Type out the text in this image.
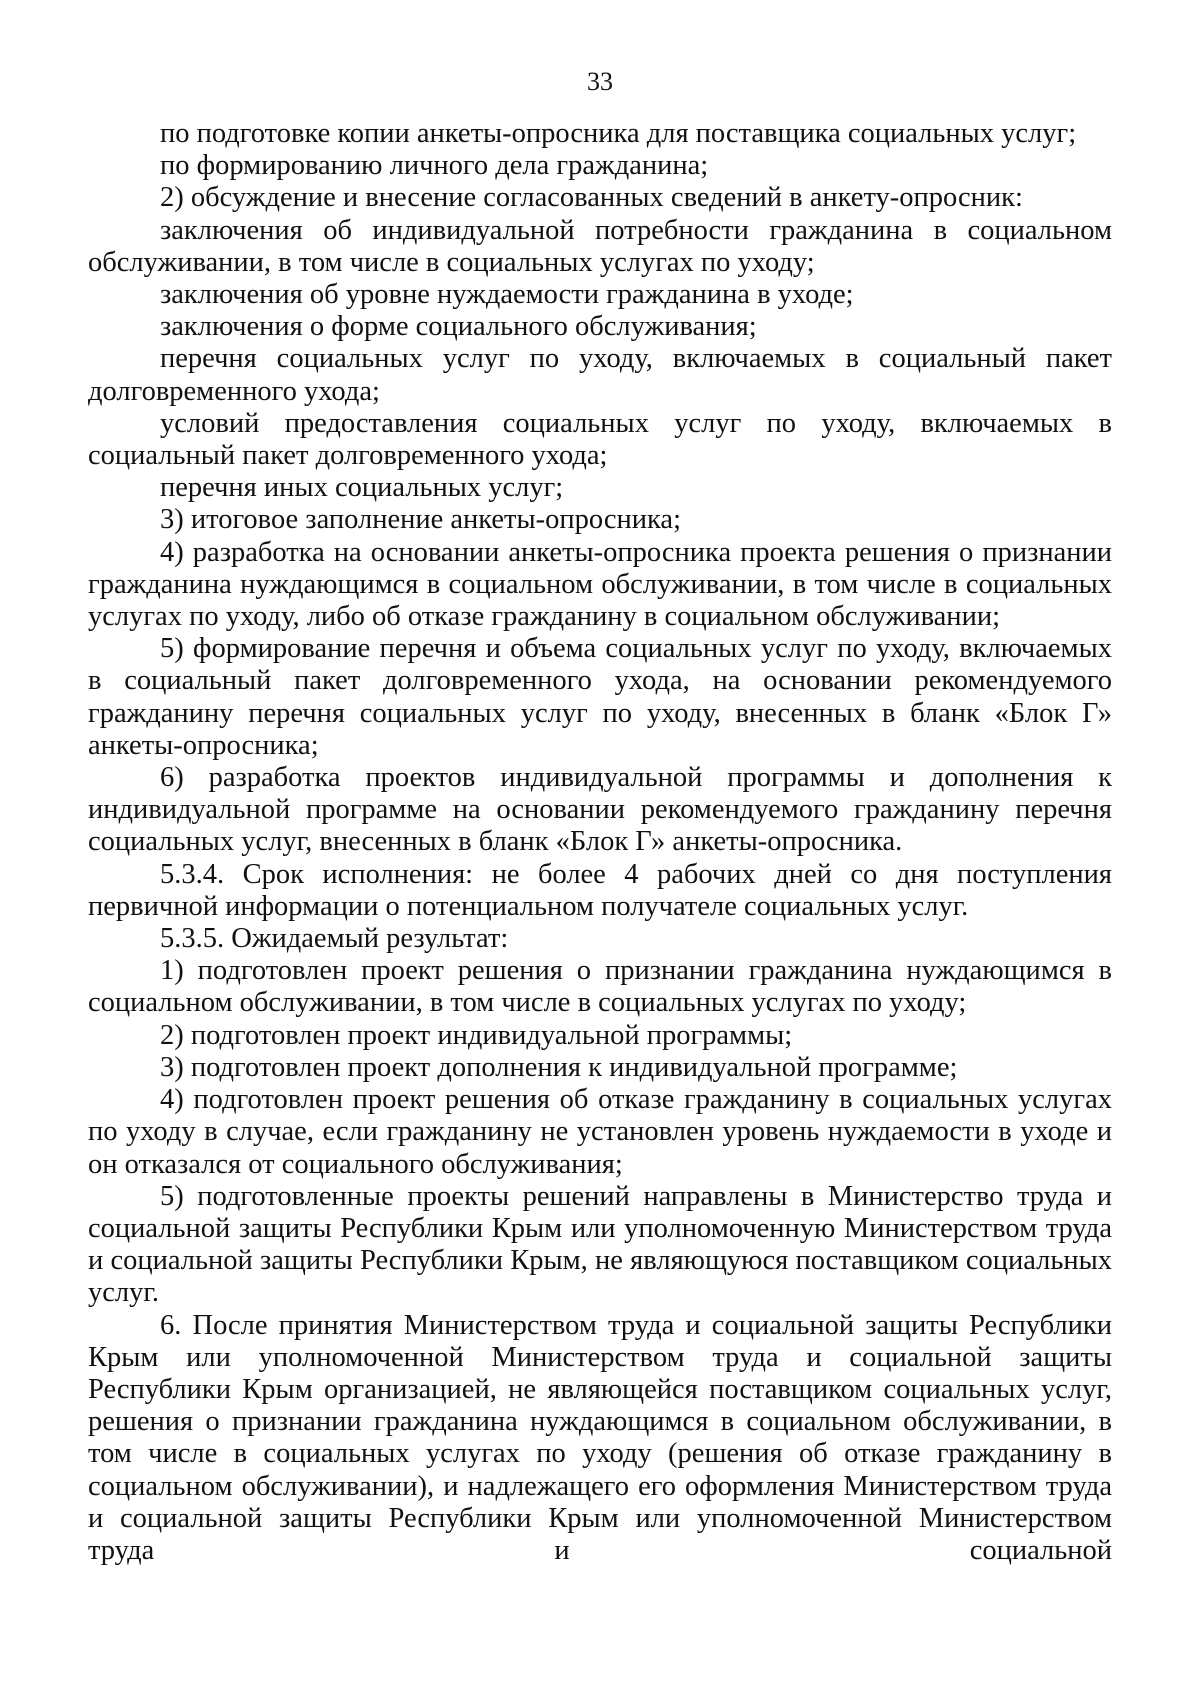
33

по подготовке копии анкеты-опросника для поставщика социальных услуг;

по формированию личного дела гражданина;

2) обсуждение и внесение согласованных сведений в анкету-опросник:

заключения об индивидуальной потребности гражданина в социальном обслуживании, в том числе в социальных услугах по уходу;

заключения об уровне нуждаемости гражданина в уходе;

заключения о форме социального обслуживания;

перечня социальных услуг по уходу, включаемых в социальный пакет долговременного ухода;

условий предоставления социальных услуг по уходу, включаемых в социальный пакет долговременного ухода;

перечня иных социальных услуг;

3) итоговое заполнение анкеты-опросника;

4) разработка на основании анкеты-опросника проекта решения о признании гражданина нуждающимся в социальном обслуживании, в том числе в социальных услугах по уходу, либо об отказе гражданину в социальном обслуживании;

5) формирование перечня и объема социальных услуг по уходу, включаемых в социальный пакет долговременного ухода, на основании рекомендуемого гражданину перечня социальных услуг по уходу, внесенных в бланк «Блок Г» анкеты-опросника;

6) разработка проектов индивидуальной программы и дополнения к индивидуальной программе на основании рекомендуемого гражданину перечня социальных услуг, внесенных в бланк «Блок Г» анкеты-опросника.

5.3.4. Срок исполнения: не более 4 рабочих дней со дня поступления первичной информации о потенциальном получателе социальных услуг.

5.3.5. Ожидаемый результат:

1) подготовлен проект решения о признании гражданина нуждающимся в социальном обслуживании, в том числе в социальных услугах по уходу;

2) подготовлен проект индивидуальной программы;

3) подготовлен проект дополнения к индивидуальной программе;

4) подготовлен проект решения об отказе гражданину в социальных услугах по уходу в случае, если гражданину не установлен уровень нуждаемости в уходе и он отказался от социального обслуживания;

5) подготовленные проекты решений направлены в Министерство труда и социальной защиты Республики Крым или уполномоченную Министерством труда и социальной защиты Республики Крым, не являющуюся поставщиком социальных услуг.

6. После принятия Министерством труда и социальной защиты Республики Крым или уполномоченной Министерством труда и социальной защиты Республики Крым организацией, не являющейся поставщиком социальных услуг, решения о признании гражданина нуждающимся в социальном обслуживании, в том числе в социальных услугах по уходу (решения об отказе гражданину в социальном обслуживании), и надлежащего его оформления Министерством труда и социальной защиты Республики Крым или уполномоченной Министерством труда и социальной
